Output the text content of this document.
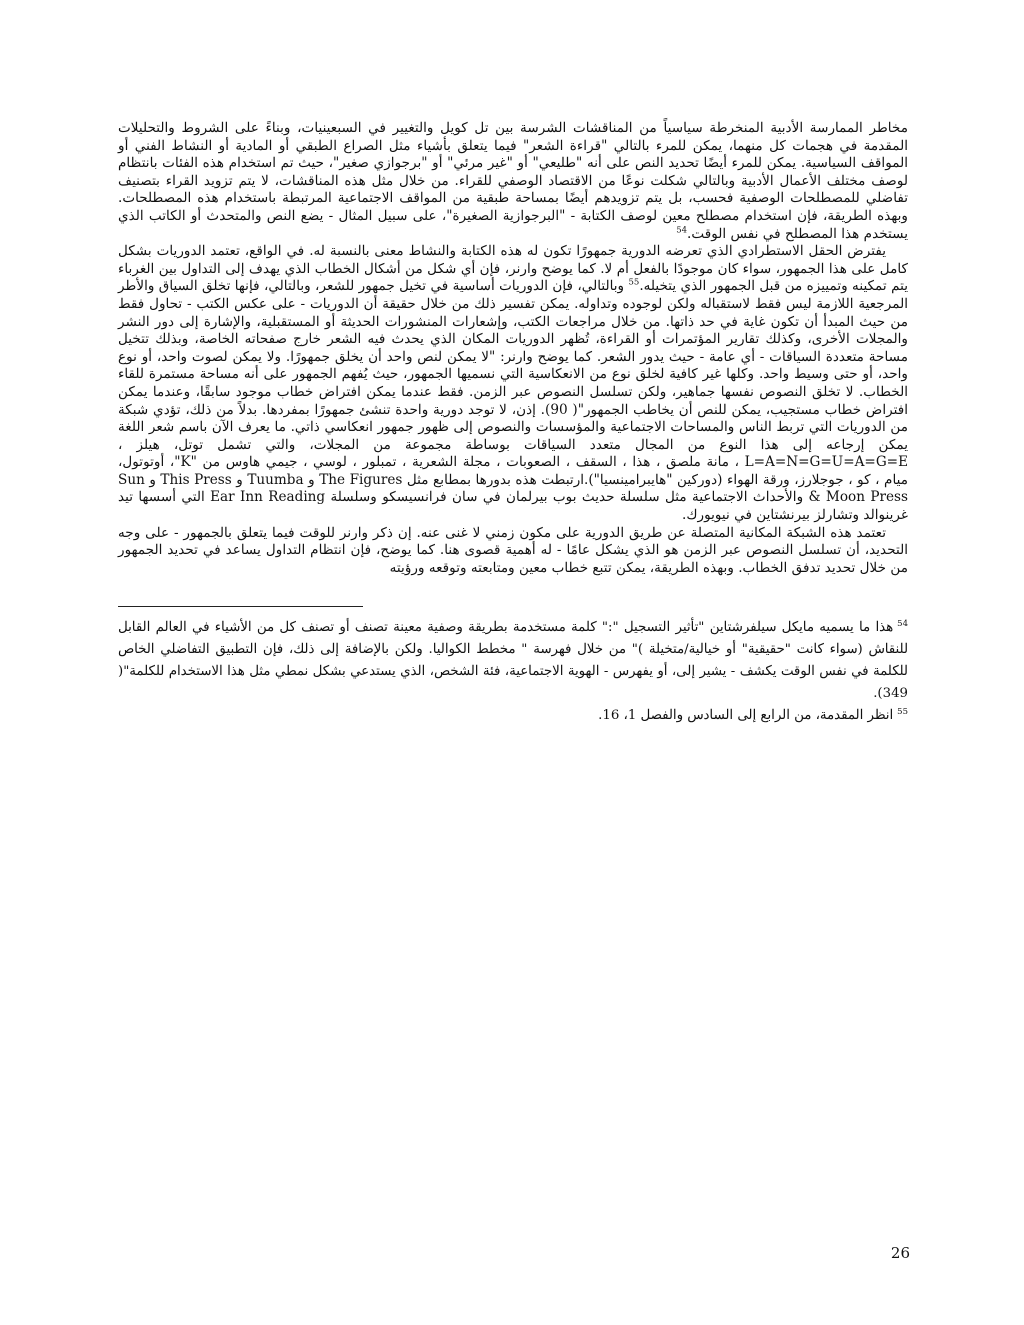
مخاطر الممارسة الأدبية المنخرطة سياسياً من المناقشات الشرسة بين تل كويل والتغيير في السبعينيات، وبناءً على الشروط والتحليلات المقدمة في هجمات كل منهما، يمكن للمرء بالتالي "قراءة الشعر" فيما يتعلق بأشياء مثل الصراع الطبقي أو المادية أو النشاط الفني أو المواقف السياسية. يمكن للمرء أيضًا تحديد النص على أنه "طليعي" أو "غير مرئي" أو "برجوازي صغير"، حيث تم استخدام هذه الفئات بانتظام لوصف مختلف الأعمال الأدبية وبالتالي شكلت نوعًا من الاقتصاد الوصفي للقراء. من خلال مثل هذه المناقشات، لا يتم تزويد القراء بتصنيف تفاضلي للمصطلحات الوصفية فحسب، بل يتم تزويدهم أيضًا بمساحة طبقية من المواقف الاجتماعية المرتبطة باستخدام هذه المصطلحات. وبهذه الطريقة، فإن استخدام مصطلح معين لوصف الكتابة - "البرجوازية الصغيرة"، على سبيل المثال - يضع النص والمتحدث أو الكاتب الذي يستخدم هذا المصطلح في نفس الوقت.$^{54}$

يفترض الحقل الاستطرادي الذي تعرضه الدورية جمهورًا تكون له هذه الكتابة والنشاط معنى بالنسبة له. في الواقع، تعتمد الدوريات بشكل كامل على هذا الجمهور، سواء كان موجودًا بالفعل أم لا. كما يوضح وارنر، فإن أي شكل من أشكال الخطاب الذي يهدف إلى التداول بين الغرباء يتم تمكينه وتمييزه من قبل الجمهور الذي يتخيله.$^{55}$ وبالتالي، فإن الدوريات أساسية في تخيل جمهور للشعر، وبالتالي، فإنها تخلق السياق والأطر المرجعية اللازمة ليس فقط لاستقباله ولكن لوجوده وتداوله. يمكن تفسير ذلك من خلال حقيقة أن الدوريات - على عكس الكتب - تحاول فقط من حيث المبدأ أن تكون غاية في حد ذاتها. من خلال مراجعات الكتب، وإشعارات المنشورات الحديثة أو المستقبلية، والإشارة إلى دور النشر والمجلات الأخرى، وكذلك تقارير المؤتمرات أو القراءة، تُظهر الدوريات المكان الذي يحدث فيه الشعر خارج صفحاته الخاصة، وبذلك تتخيل مساحة متعددة السياقات - أي عامة - حيث يدور الشعر. كما يوضح وارنر: "لا يمكن لنص واحد أن يخلق جمهورًا. ولا يمكن لصوت واحد، أو نوع واحد، أو حتى وسيط واحد. وكلها غير كافية لخلق نوع من الانعكاسية التي نسميها الجمهور، حيث يُفهم الجمهور على أنه مساحة مستمرة للقاء الخطاب. لا تخلق النصوص نفسها جماهير، ولكن تسلسل النصوص عبر الزمن. فقط عندما يمكن افتراض خطاب موجود سابقًا، وعندما يمكن افتراض خطاب مستجيب، يمكن للنص أن يخاطب الجمهور"( 90). إذن، لا توجد دورية واحدة تنشئ جمهورًا بمفردها. بدلاً من ذلك، تؤدي شبكة من الدوريات التي تربط الناس والمساحات الاجتماعية والمؤسسات والنصوص إلى ظهور جمهور انعكاسي ذاتي. ما يعرف الآن باسم شعر اللغة يمكن إرجاعه إلى هذا النوع من المجال متعدد السياقات بوساطة مجموعة من المجلات، والتي تشمل توتل، هيلز ، L=A=N=G=U=A=G=E ، مانة ملصق ، هذا ، السقف ، الصعوبات ، مجلة الشعرية ، تمبلور ، لوسي ، جيمي هاوس من "K"، أوتوتول، ميام ، كو ، جوجلارز، ورقة الهواء (دوركين "هايبرامينسيا").ارتبطت هذه بدورها بمطابع مثل The Figures و Tuumba و This Press و Sun & Moon Press والأحداث الاجتماعية مثل سلسلة حديث بوب بيرلمان في سان فرانسيسكو وسلسلة Ear Inn Reading التي أسسها تيد غرينوالد وتشارلز بيرنشتاين في نيويورك.

تعتمد هذه الشبكة المكانية المتصلة عن طريق الدورية على مكون زمني لا غنى عنه. إن ذكر وارنر للوقت فيما يتعلق بالجمهور - على وجه التحديد، أن تسلسل النصوص عبر الزمن هو الذي يشكل عامًا - له أهمية قصوى هنا. كما يوضح، فإن انتظام التداول يساعد في تحديد الجمهور من خلال تحديد تدفق الخطاب. وبهذه الطريقة، يمكن تتبع خطاب معين ومتابعته وتوقعه ورؤيته

$^{54}$هذا ما يسميه مايكل سيلفرشتاين "تأثير التسجيل ":" كلمة مستخدمة بطريقة وصفية معينة تصنف أو تصنف كل من الأشياء في العالم القابل للنقاش (سواء كانت "حقيقية" أو خيالية/متخيلة )" من خلال فهرسة " مخطط الكواليا. ولكن بالإضافة إلى ذلك، فإن التطبيق التفاضلي الخاص للكلمة في نفس الوقت يكشف - يشير إلى، أو يفهرس - الهوية الاجتماعية، فئة الشخص، الذي يستدعي بشكل نمطي مثل هذا الاستخدام للكلمة"( 349).

$^{55}$انظر المقدمة، من الرابع إلى السادس والفصل 1، 16.

26
